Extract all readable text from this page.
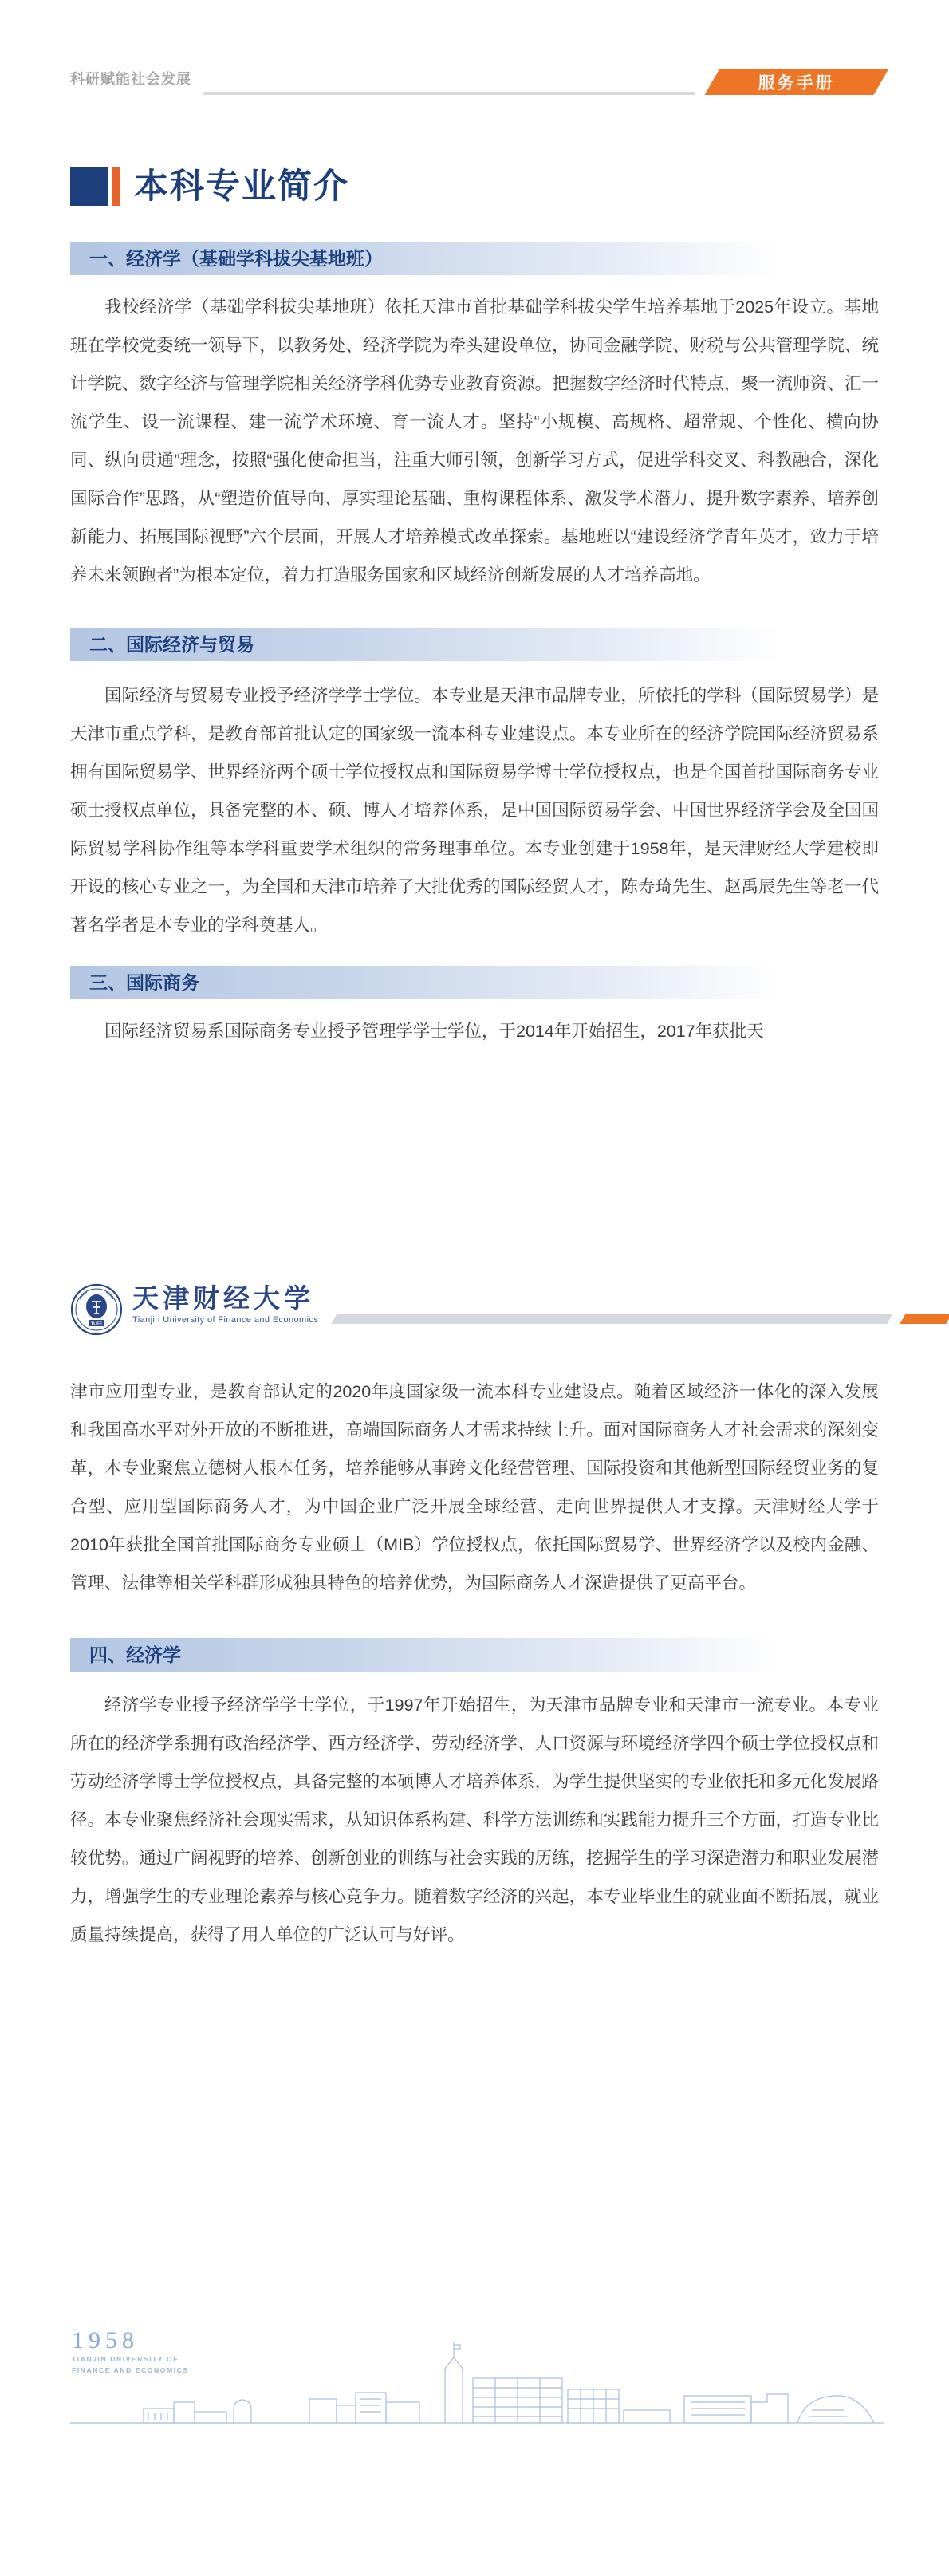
科研赋能社会发展	服务手册
本科专业简介
一、经济学（基础学科拔尖基地班）

我校经济学（基础学科拔尖基地班）依托天津市首批基础学科拔尖学生培养基地于2025年设立。基地班在学校党委统一领导下，以教务处、经济学院为牵头建设单位，协同金融学院、财税与公共管理学院、统计学院、数字经济与管理学院相关经济学科优势专业教育资源。把握数字经济时代特点，聚一流师资、汇一流学生、设一流课程、建一流学术环境、育一流人才。坚持“小规模、高规格、超常规、个性化、横向协同、纵向贯通”理念，按照“强化使命担当，注重大师引领，创新学习方式，促进学科交叉、科教融合，深化国际合作”思路，从“塑造价值导向、厚实理论基础、重构课程体系、激发学术潜力、提升数字素养、培养创新能力、拓展国际视野”六个层面，开展人才培养模式改革探索。基地班以“建设经济学青年英才，致力于培养未来领跑者”为根本定位，着力打造服务国家和区域经济创新发展的人才培养高地。

二、国际经济与贸易

国际经济与贸易专业授予经济学学士学位。本专业是天津市品牌专业，所依托的学科（国际贸易学）是天津市重点学科，是教育部首批认定的国家级一流本科专业建设点。本专业所在的经济学院国际经济贸易系拥有国际贸易学、世界经济两个硕士学位授权点和国际贸易学博士学位授权点，也是全国首批国际商务专业硕士授权点单位，具备完整的本、硕、博人才培养体系，是中国国际贸易学会、中国世界经济学会及全国国际贸易学科协作组等本学科重要学术组织的常务理事单位。本专业创建于1958年，是天津财经大学建校即开设的核心专业之一，为全国和天津市培养了大批优秀的国际经贸人才，陈寿琦先生、赵禹辰先生等老一代著名学者是本专业的学科奠基人。

三、国际商务

国际经济贸易系国际商务专业授予管理学学士学位，于2014年开始招生，2017年获批天

TUFE
天津财经大学
Tianjin University of Finance and Economics

津市应用型专业，是教育部认定的2020年度国家级一流本科专业建设点。随着区域经济一体化的深入发展和我国高水平对外开放的不断推进，高端国际商务人才需求持续上升。面对国际商务人才社会需求的深刻变革，本专业聚焦立德树人根本任务，培养能够从事跨文化经营管理、国际投资和其他新型国际经贸业务的复合型、应用型国际商务人才，为中国企业广泛开展全球经营、走向世界提供人才支撑。天津财经大学于2010年获批全国首批国际商务专业硕士（MIB）学位授权点，依托国际贸易学、世界经济学以及校内金融、管理、法律等相关学科群形成独具特色的培养优势，为国际商务人才深造提供了更高平台。

四、经济学

经济学专业授予经济学学士学位，于1997年开始招生，为天津市品牌专业和天津市一流专业。本专业所在的经济学系拥有政治经济学、西方经济学、劳动经济学、人口资源与环境经济学四个硕士学位授权点和劳动经济学博士学位授权点，具备完整的本硕博人才培养体系，为学生提供坚实的专业依托和多元化发展路径。本专业聚焦经济社会现实需求，从知识体系构建、科学方法训练和实践能力提升三个方面，打造专业比较优势。通过广阔视野的培养、创新创业的训练与社会实践的历练，挖掘学生的学习深造潜力和职业发展潜力，增强学生的专业理论素养与核心竞争力。随着数字经济的兴起，本专业毕业生的就业面不断拓展，就业质量持续提高，获得了用人单位的广泛认可与好评。

1958
TIANJIN UNIVERSITY OF
FINANCE AND ECONOMICS
